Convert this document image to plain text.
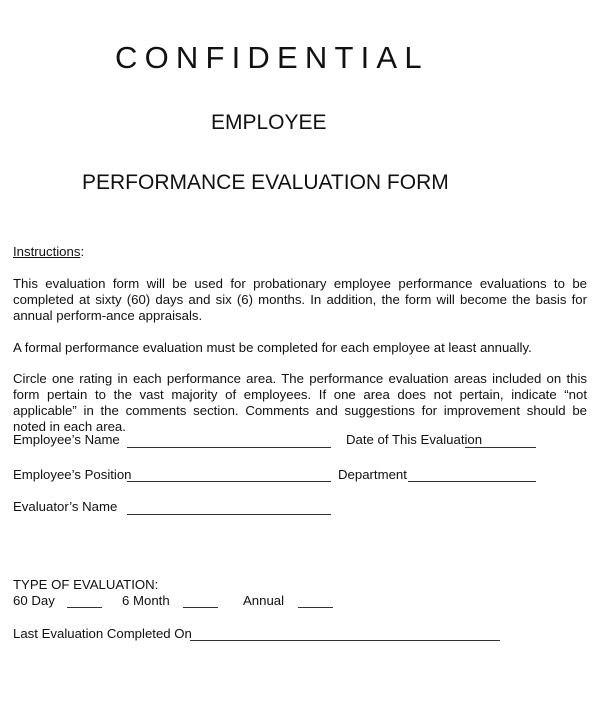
CONFIDENTIAL
EMPLOYEE
PERFORMANCE EVALUATION FORM
Instructions:
This evaluation form will be used for probationary employee performance evaluations to be completed at sixty (60) days and six (6) months. In addition, the form will become the basis for annual perform-ance appraisals.
A formal performance evaluation must be completed for each employee at least annually.
Circle one rating in each performance area. The performance evaluation areas included on this form pertain to the vast majority of employees. If one area does not pertain, indicate “not applicable” in the comments section. Comments and suggestions for improvement should be noted in each area.
Employee’s Name	Date of This Evaluation
Employee’s Position	Department
Evaluator’s Name
TYPE OF EVALUATION:
60 Day	6 Month	Annual
Last Evaluation Completed On
